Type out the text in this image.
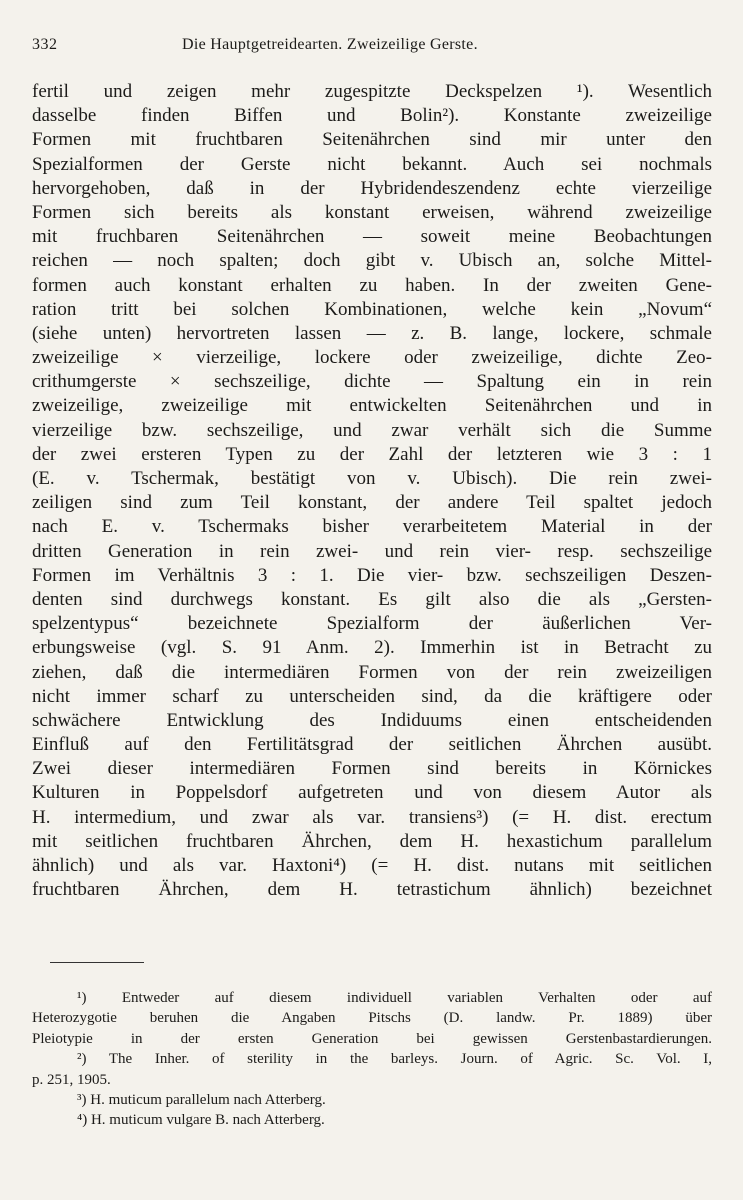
332	Die Hauptgetreidearten. Zweizeilige Gerste.
fertil und zeigen mehr zugespitzte Deckspelzen ¹). Wesentlich
dasselbe finden Biffen und Bolin²). Konstante zweizeilige
Formen mit fruchtbaren Seitenährchen sind mir unter den
Spezialformen der Gerste nicht bekannt. Auch sei nochmals
hervorgehoben, daß in der Hybridendeszendenz echte vierzeilige
Formen sich bereits als konstant erweisen, während zweizeilige
mit fruchbaren Seitenährchen — soweit meine Beobachtungen
reichen — noch spalten; doch gibt v. Ubisch an, solche Mittel-
formen auch konstant erhalten zu haben. In der zweiten Gene-
ration tritt bei solchen Kombinationen, welche kein „Novum“
(siehe unten) hervortreten lassen — z. B. lange, lockere, schmale
zweizeilige × vierzeilige, lockere oder zweizeilige, dichte Zeo-
crithumgerste × sechszeilige, dichte — Spaltung ein in rein
zweizeilige, zweizeilige mit entwickelten Seitenährchen und in
vierzeilige bzw. sechszeilige, und zwar verhält sich die Summe
der zwei ersteren Typen zu der Zahl der letzteren wie 3 : 1
(E. v. Tschermak, bestätigt von v. Ubisch). Die rein zwei-
zeiligen sind zum Teil konstant, der andere Teil spaltet jedoch
nach E. v. Tschermaks bisher verarbeitetem Material in der
dritten Generation in rein zwei- und rein vier- resp. sechszeilige
Formen im Verhältnis 3 : 1. Die vier- bzw. sechszeiligen Deszen-
denten sind durchwegs konstant. Es gilt also die als „Gersten-
spelzentypus“ bezeichnete Spezialform der äußerlichen Ver-
erbungsweise (vgl. S. 91 Anm. 2). Immerhin ist in Betracht zu
ziehen, daß die intermediären Formen von der rein zweizeiligen
nicht immer scharf zu unterscheiden sind, da die kräftigere oder
schwächere Entwicklung des Indiduums einen entscheidenden
Einfluß auf den Fertilitätsgrad der seitlichen Ährchen ausübt.
Zwei dieser intermediären Formen sind bereits in Körnickes
Kulturen in Poppelsdorf aufgetreten und von diesem Autor als
H. intermedium, und zwar als var. transiens³) (= H. dist. erectum
mit seitlichen fruchtbaren Ährchen, dem H. hexastichum parallelum
ähnlich) und als var. Haxtoni⁴) (= H. dist. nutans mit seitlichen
fruchtbaren Ährchen, dem H. tetrastichum ähnlich) bezeichnet
¹) Entweder auf diesem individuell variablen Verhalten oder auf
Heterozygotie beruhen die Angaben Pitschs (D. landw. Pr. 1889) über
Pleiotypie in der ersten Generation bei gewissen Gerstenbastardierungen.
²) The Inher. of sterility in the barleys. Journ. of Agric. Sc. Vol. I,
p. 251, 1905.
³) H. muticum parallelum nach Atterberg.
⁴) H. muticum vulgare B. nach Atterberg.
